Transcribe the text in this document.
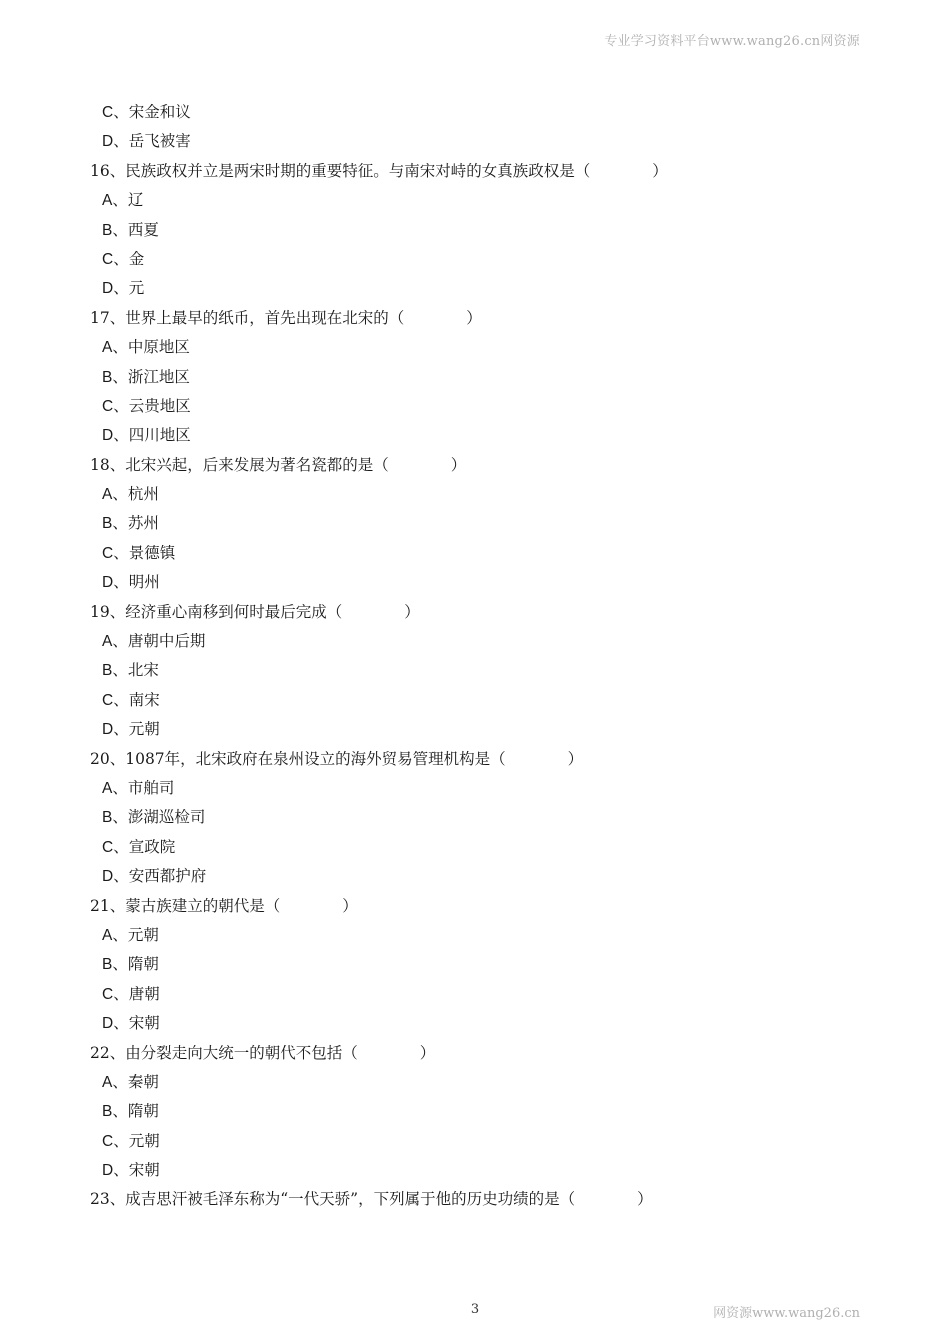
专业学习资料平台www.wang26.cn网资源
C、宋金和议
D、岳飞被害
16、民族政权并立是两宋时期的重要特征。与南宋对峙的女真族政权是（　　　　）
A、辽
B、西夏
C、金
D、元
17、世界上最早的纸币，首先出现在北宋的（　　　　）
A、中原地区
B、浙江地区
C、云贵地区
D、四川地区
18、北宋兴起，后来发展为著名瓷都的是（　　　　）
A、杭州
B、苏州
C、景德镇
D、明州
19、经济重心南移到何时最后完成（　　　　）
A、唐朝中后期
B、北宋
C、南宋
D、元朝
20、1087年，北宋政府在泉州设立的海外贸易管理机构是（　　　　）
A、市舶司
B、澎湖巡检司
C、宣政院
D、安西都护府
21、蒙古族建立的朝代是（　　　　）
A、元朝
B、隋朝
C、唐朝
D、宋朝
22、由分裂走向大统一的朝代不包括（　　　　）
A、秦朝
B、隋朝
C、元朝
D、宋朝
23、成吉思汗被毛泽东称为“一代天骄”，下列属于他的历史功绩的是（　　　　）
3	网资源www.wang26.cn
